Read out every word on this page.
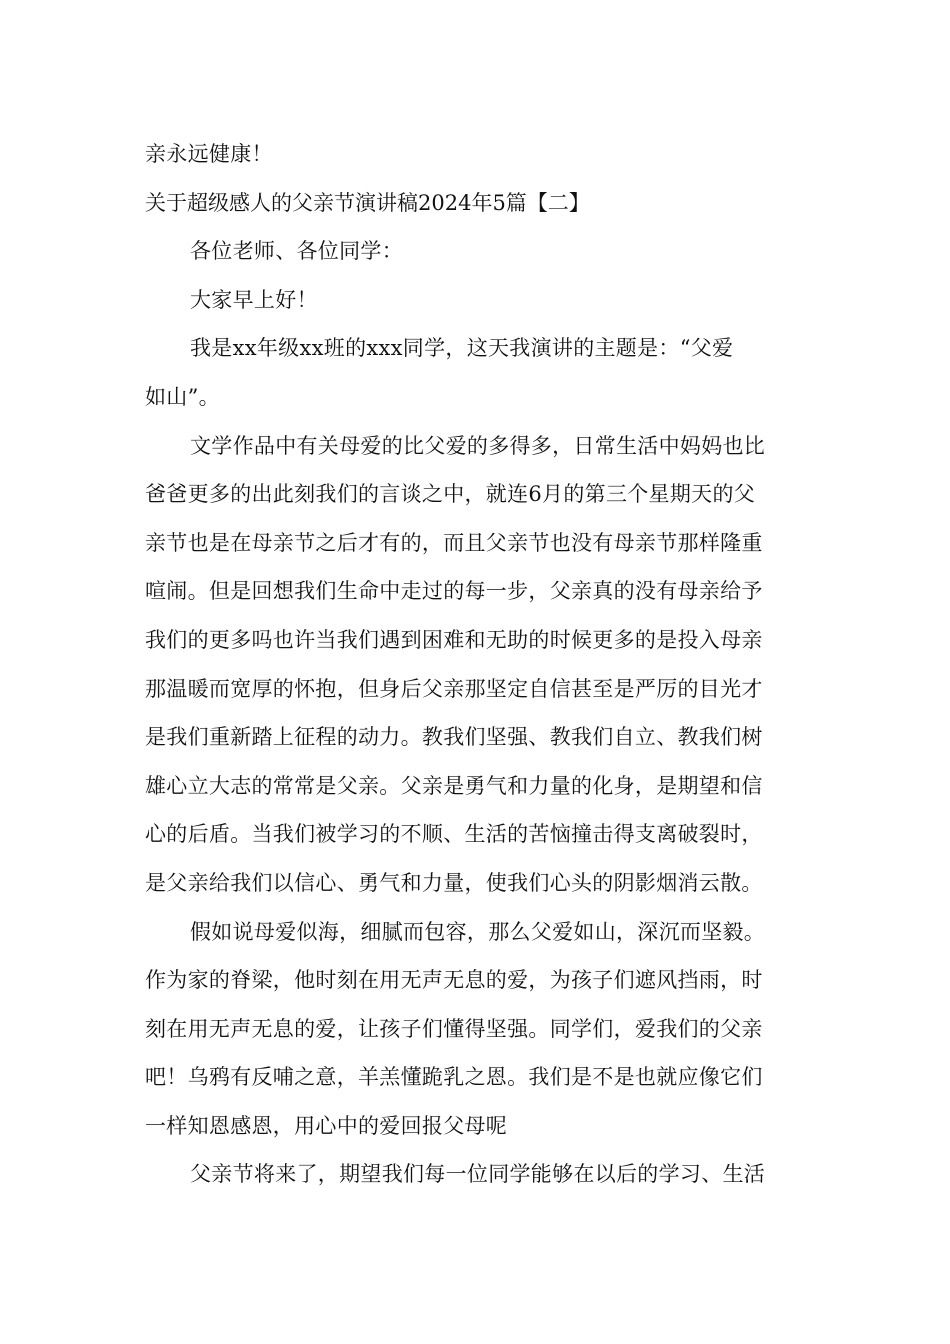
亲永远健康！
关于超级感人的父亲节演讲稿2024年5篇【二】
各位老师、各位同学：
大家早上好！
我是xx年级xx班的xxx同学，这天我演讲的主题是：“父爱
如山”。
文学作品中有关母爱的比父爱的多得多，日常生活中妈妈也比
爸爸更多的出此刻我们的言谈之中，就连6月的第三个星期天的父
亲节也是在母亲节之后才有的，而且父亲节也没有母亲节那样隆重
喧闹。但是回想我们生命中走过的每一步，父亲真的没有母亲给予
我们的更多吗也许当我们遇到困难和无助的时候更多的是投入母亲
那温暖而宽厚的怀抱，但身后父亲那坚定自信甚至是严厉的目光才
是我们重新踏上征程的动力。教我们坚强、教我们自立、教我们树
雄心立大志的常常是父亲。父亲是勇气和力量的化身，是期望和信
心的后盾。当我们被学习的不顺、生活的苦恼撞击得支离破裂时，
是父亲给我们以信心、勇气和力量，使我们心头的阴影烟消云散。
假如说母爱似海，细腻而包容，那么父爱如山，深沉而坚毅。
作为家的脊梁，他时刻在用无声无息的爱，为孩子们遮风挡雨，时
刻在用无声无息的爱，让孩子们懂得坚强。同学们，爱我们的父亲
吧！乌鸦有反哺之意，羊羔懂跪乳之恩。我们是不是也就应像它们
一样知恩感恩，用心中的爱回报父母呢
父亲节将来了，期望我们每一位同学能够在以后的学习、生活
